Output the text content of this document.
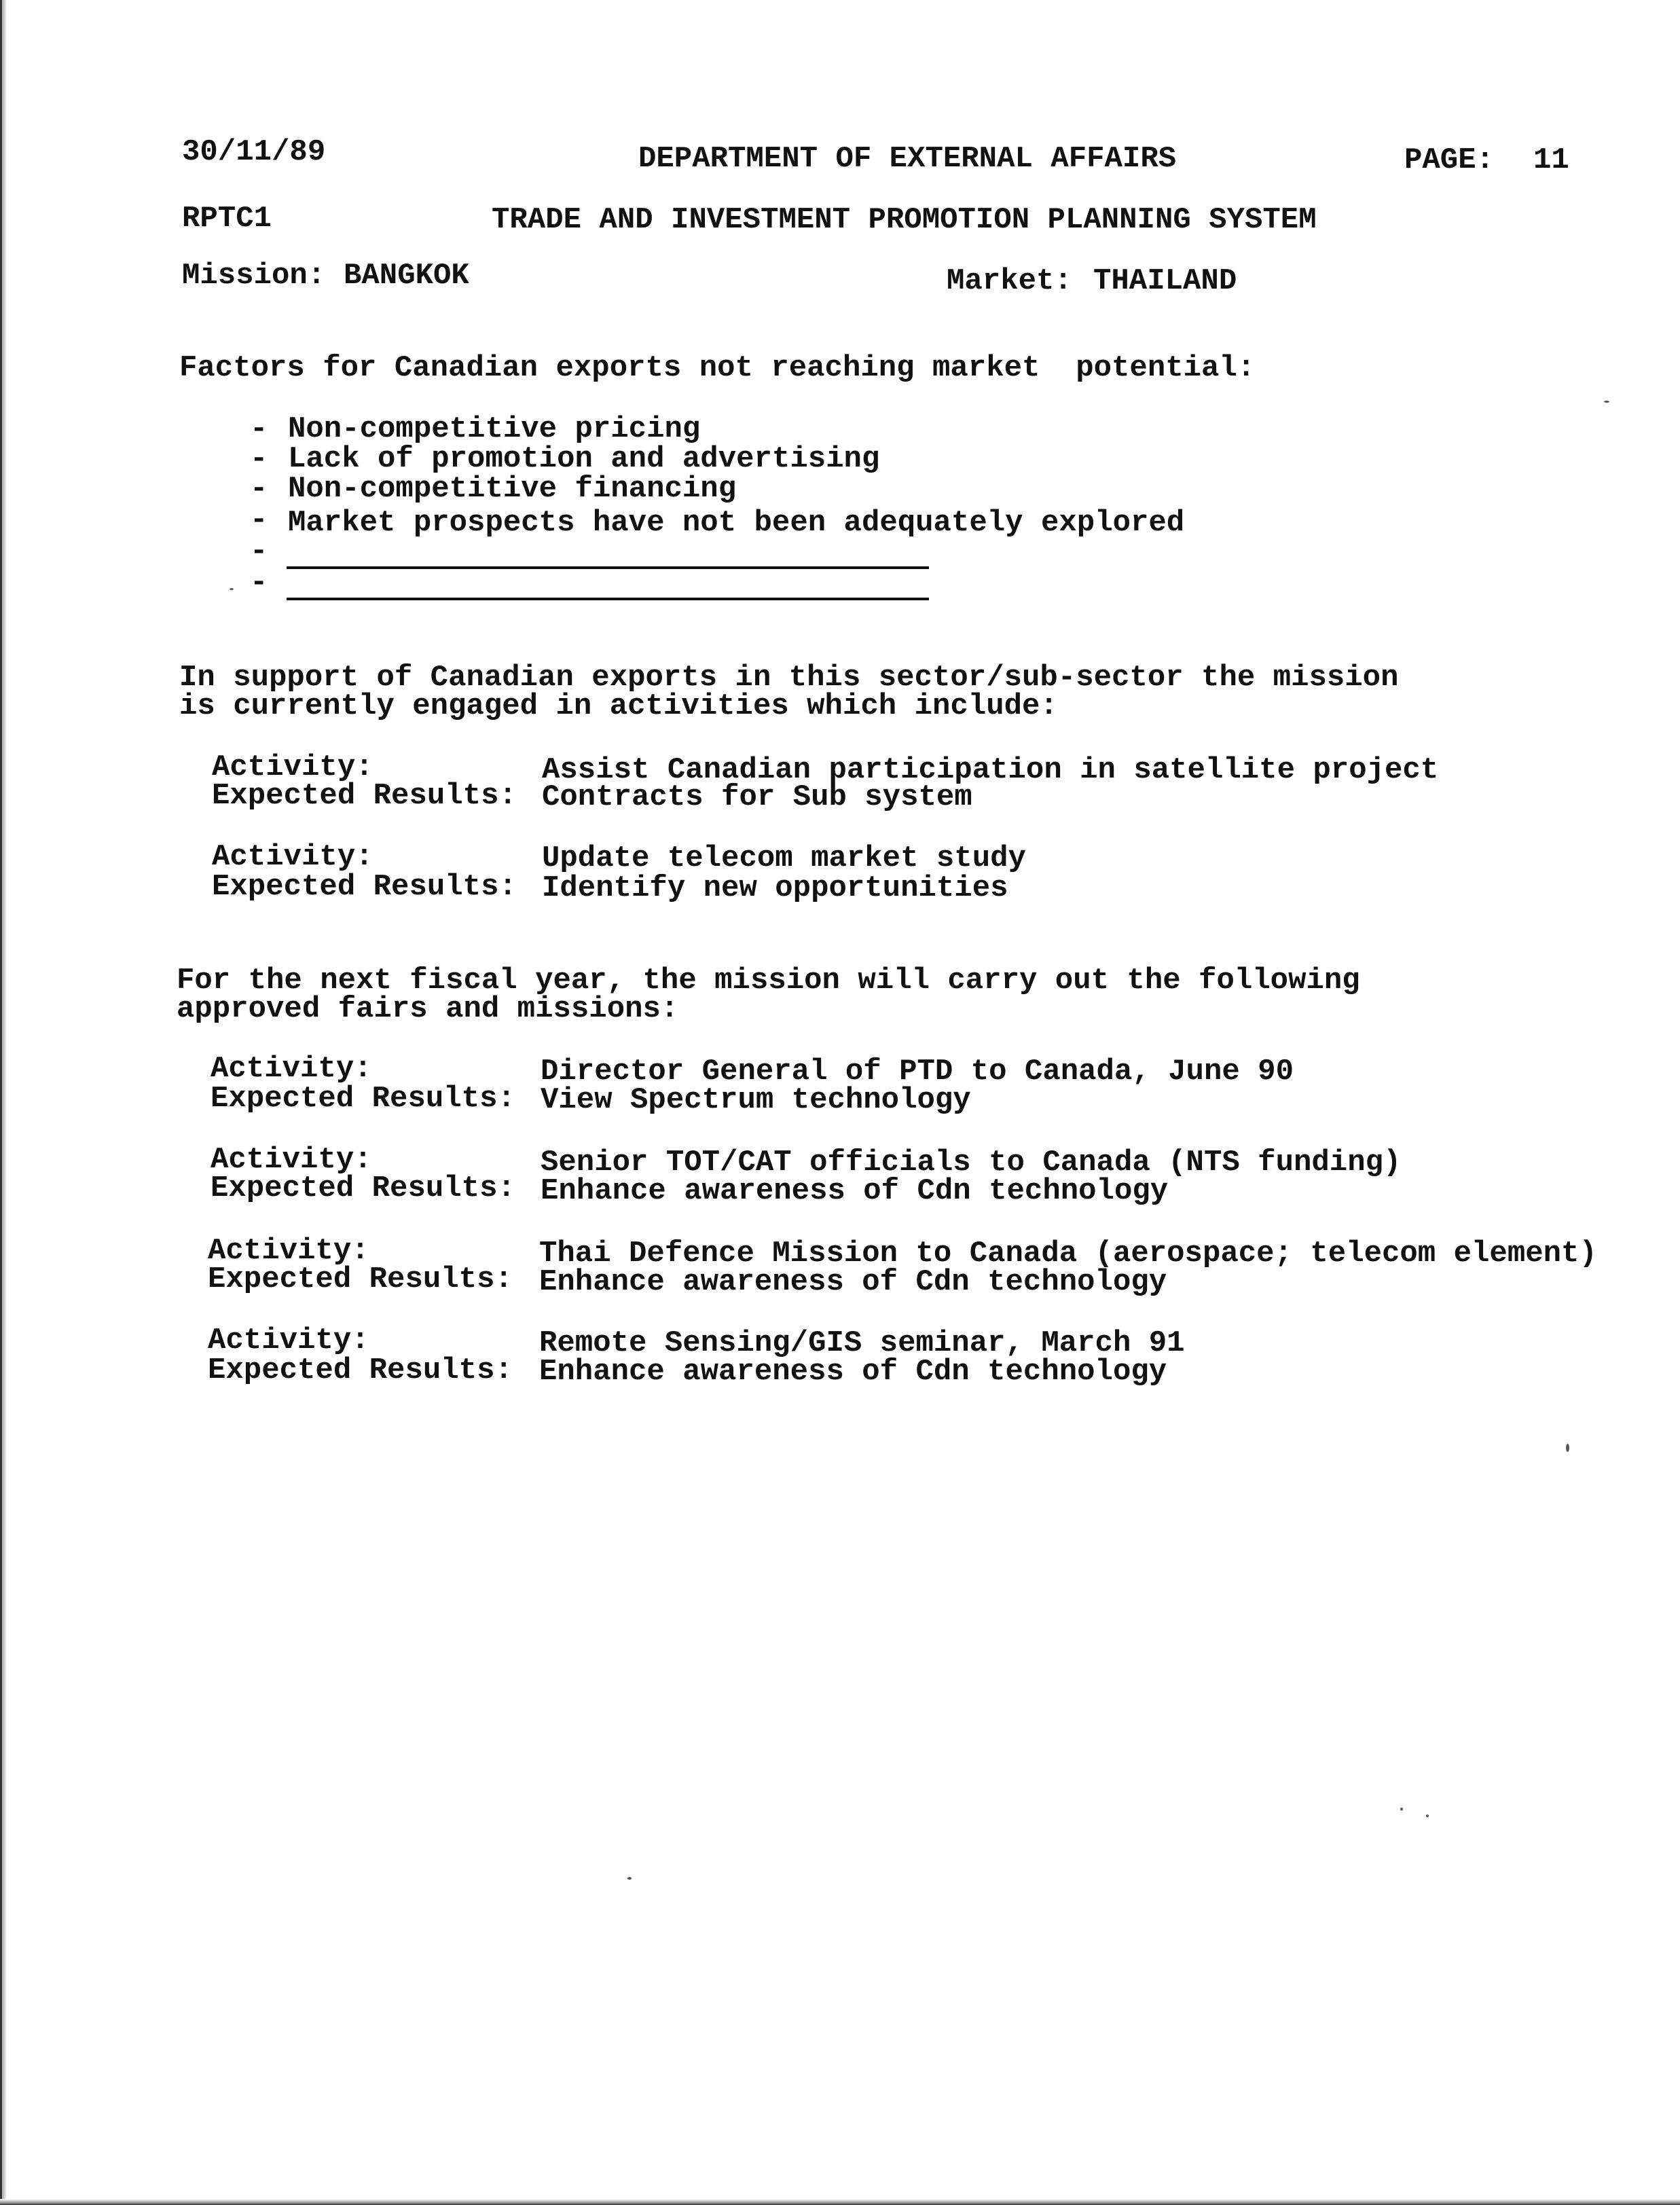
30/11/89	DEPARTMENT OF EXTERNAL AFFAIRS	PAGE: 11
RPTC1	TRADE AND INVESTMENT PROMOTION PLANNING SYSTEM
Mission: BANGKOK	Market: THAILAND
Factors for Canadian exports not reaching market  potential:
- Non-competitive pricing
- Lack of promotion and advertising
- Non-competitive financing
- Market prospects have not been adequately explored
-
-
In support of Canadian exports in this sector/sub-sector the mission
is currently engaged in activities which include:
Activity:	Assist Canadian participation in satellite project
Expected Results: Contracts for Sub system
Activity:	Update telecom market study
Expected Results: Identify new opportunities
For the next fiscal year, the mission will carry out the following
approved fairs and missions:
Activity:	Director General of PTD to Canada, June 90
Expected Results: View Spectrum technology
Activity:	Senior TOT/CAT officials to Canada (NTS funding)
Expected Results: Enhance awareness of Cdn technology
Activity:	Thai Defence Mission to Canada (aerospace; telecom element)
Expected Results: Enhance awareness of Cdn technology
Activity:	Remote Sensing/GIS seminar, March 91
Expected Results: Enhance awareness of Cdn technology
